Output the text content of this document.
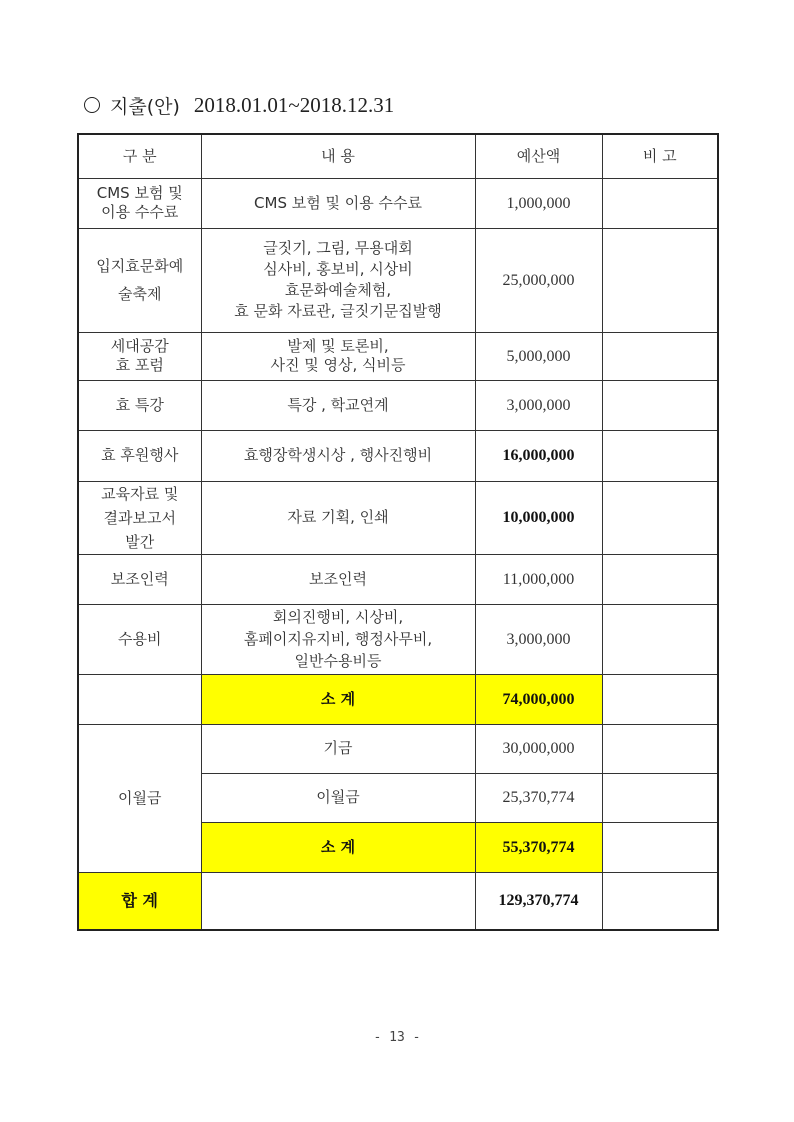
지출(안) 2018.01.01~2018.12.31
구 분	내 용	예산액	비 고

CMS 보험 및
이용 수수료	CMS 보험 및 이용 수수료	1,000,000	

입지효문화예
술축제	글짓기, 그림, 무용대회
심사비, 홍보비, 시상비
효문화예술체험,
효 문화 자료관, 글짓기문집발행	25,000,000	

세대공감
효 포럼	발제 및 토론비,
사진 및 영상, 식비등	5,000,000	
효 특강	특강 , 학교연계	3,000,000	
효 후원행사	효행장학생시상 , 행사진행비	16,000,000	

교육자료 및
결과보고서
발간	자료 기획, 인쇄	10,000,000	
보조인력	보조인력	11,000,000	
수용비	회의진행비, 시상비,
홈페이지유지비, 행정사무비,
일반수용비등	3,000,000	
	소 계	74,000,000	
이월금	기금	30,000,000	
	이월금	25,370,774	
	소 계	55,370,774	
합 계		129,370,774	
- 13 -
